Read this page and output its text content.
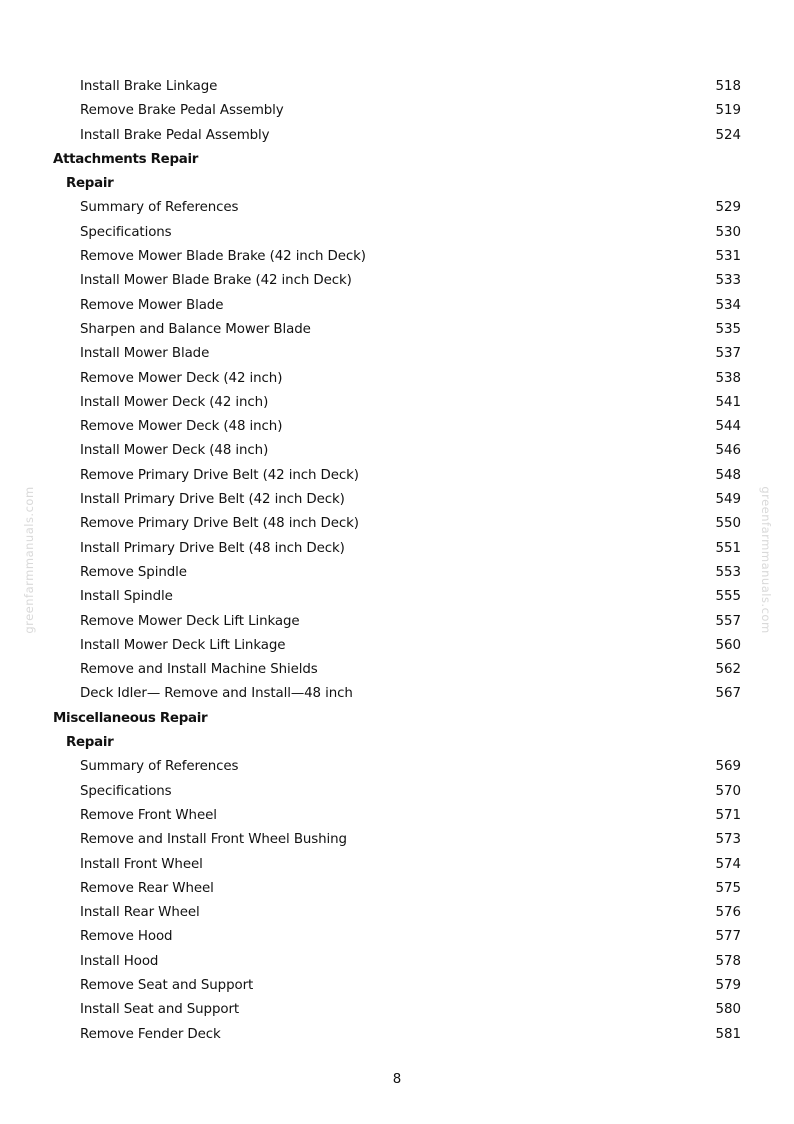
Install Brake Linkage	518
Remove Brake Pedal Assembly	519
Install Brake Pedal Assembly	524
Attachments Repair
Repair
Summary of References	529
Specifications	530
Remove Mower Blade Brake (42 inch Deck)	531
Install Mower Blade Brake (42 inch Deck)	533
Remove Mower Blade	534
Sharpen and Balance Mower Blade	535
Install Mower Blade	537
Remove Mower Deck (42 inch)	538
Install Mower Deck (42 inch)	541
Remove Mower Deck (48 inch)	544
Install Mower Deck (48 inch)	546
Remove Primary Drive Belt (42 inch Deck)	548
Install Primary Drive Belt (42 inch Deck)	549
Remove Primary Drive Belt (48 inch Deck)	550
Install Primary Drive Belt (48 inch Deck)	551
Remove Spindle	553
Install Spindle	555
Remove Mower Deck Lift Linkage	557
Install Mower Deck Lift Linkage	560
Remove and Install Machine Shields	562
Deck Idler— Remove and Install—48 inch	567
Miscellaneous Repair
Repair
Summary of References	569
Specifications	570
Remove Front Wheel	571
Remove and Install Front Wheel Bushing	573
Install Front Wheel	574
Remove Rear Wheel	575
Install Rear Wheel	576
Remove Hood	577
Install Hood	578
Remove Seat and Support	579
Install Seat and Support	580
Remove Fender Deck	581
greenfarmmanuals.com	greenfarmmanuals.com
8
